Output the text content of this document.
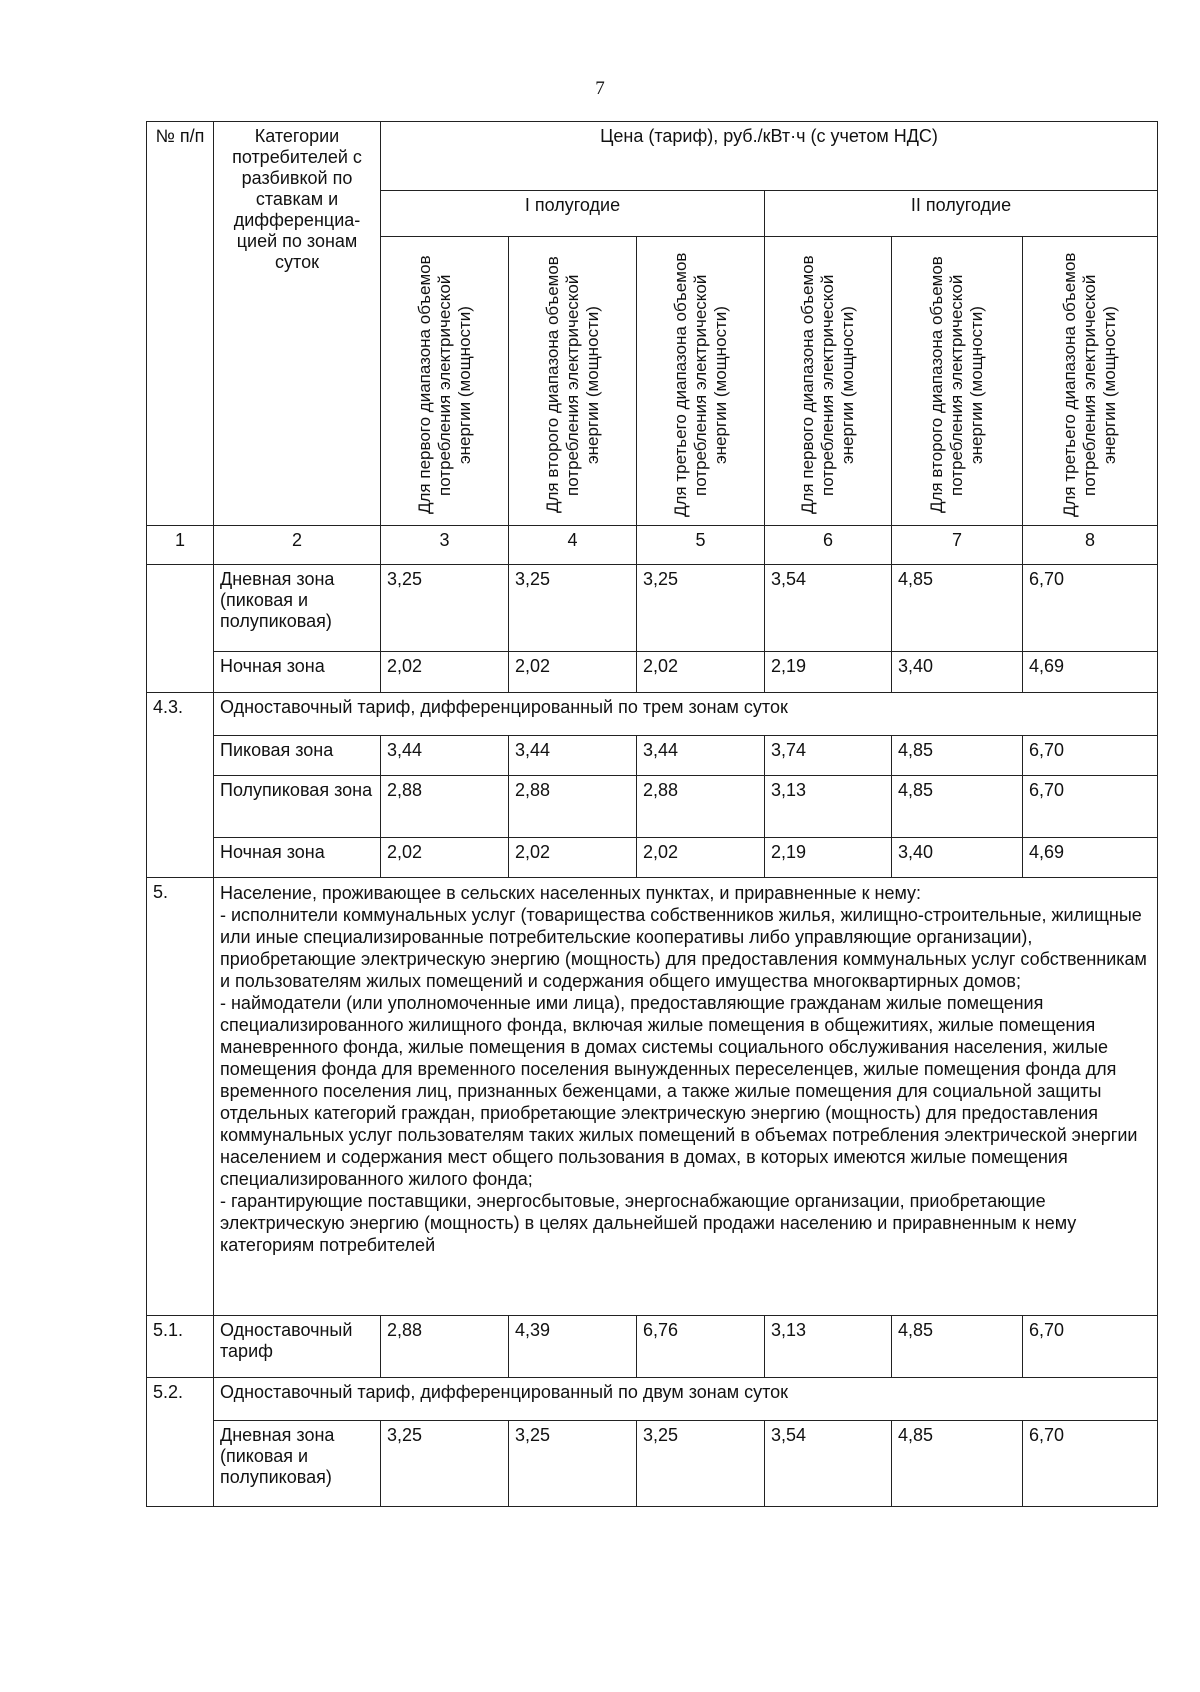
7
№ п/п	Категории потребителей с разбивкой по ставкам и дифференциа-цией по зонам суток	Цена (тариф), руб./кВт·ч (с учетом НДС)					
		I полугодие			II полугодие		

		Для первого диапазона объемов потребления электрической энергии (мощности)	Для второго диапазона объемов потребления электрической энергии (мощности)	Для третьего диапазона объемов потребления электрической энергии (мощности)	Для первого диапазона объемов потребления электрической энергии (мощности)	Для второго диапазона объемов потребления электрической энергии (мощности)	Для третьего диапазона объемов потребления электрической энергии (мощности)

1	2	3	4	5	6	7	8
	Дневная зона (пиковая и полупиковая)	3,25	3,25	3,25	3,54	4,85	6,70
	Ночная зона	2,02	2,02	2,02	2,19	3,40	4,69
4.3.	Одноставочный тариф, дифференцированный по трем зонам суток						
	Пиковая зона	3,44	3,44	3,44	3,74	4,85	6,70
	Полупиковая зона	2,88	2,88	2,88	3,13	4,85	6,70
	Ночная зона	2,02	2,02	2,02	2,19	3,40	4,69
5.	Население, проживающее в сельских населенных пунктах, и приравненные к нему:
- исполнители коммунальных услуг (товарищества собственников жилья, жилищно-строительные, жилищные или иные специализированные потребительские кооперативы либо управляющие организации), приобретающие электрическую энергию (мощность) для предоставления коммунальных услуг собственникам и пользователям жилых помещений и содержания общего имущества многоквартирных домов;
- наймодатели (или уполномоченные ими лица), предоставляющие гражданам жилые помещения специализированного жилищного фонда, включая жилые помещения в общежитиях, жилые помещения маневренного фонда, жилые помещения в домах системы социального обслуживания населения, жилые помещения фонда для временного поселения вынужденных переселенцев, жилые помещения фонда для временного поселения лиц, признанных беженцами, а также жилые помещения для социальной защиты отдельных категорий граждан, приобретающие электрическую энергию (мощность) для предоставления коммунальных услуг пользователям таких жилых помещений в объемах потребления электрической энергии населением и содержания мест общего пользования в домах, в которых имеются жилые помещения специализированного жилого фонда;
- гарантирующие поставщики, энергосбытовые, энергоснабжающие организации, приобретающие электрическую энергию (мощность) в целях дальнейшей продажи населению и приравненным к нему категориям потребителей						

5.1.	Одноставочный тариф	2,88	4,39	6,76	3,13	4,85	6,70
5.2.	Одноставочный тариф, дифференцированный по двум зонам суток						
	Дневная зона (пиковая и полупиковая)	3,25	3,25	3,25	3,54	4,85	6,70
